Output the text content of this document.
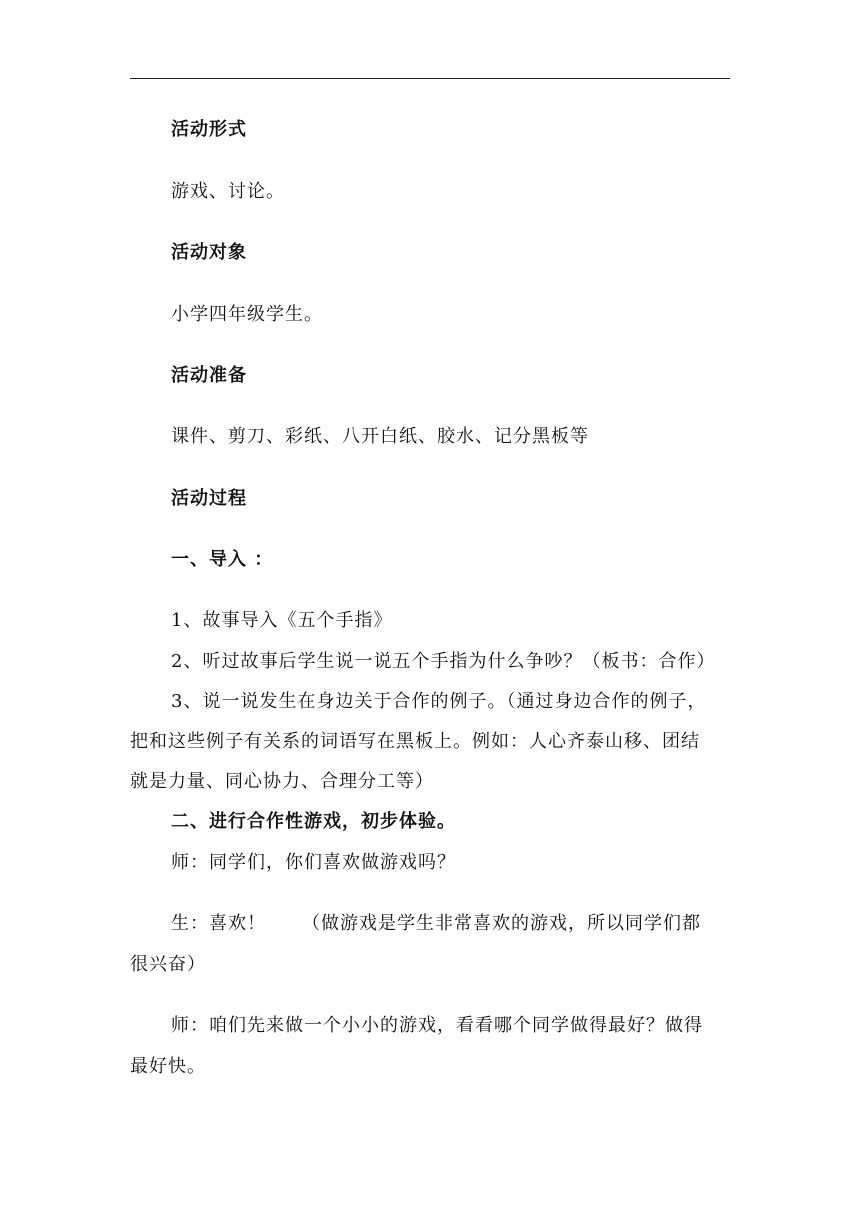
活动形式
游戏、讨论。
活动对象
小学四年级学生。
活动准备
课件、剪刀、彩纸、八开白纸、胶水、记分黑板等
活动过程
一、导入 ：
1、故事导入《五个手指》
2、听过故事后学生说一说五个手指为什么争吵？（板书：合作）
3、说一说发生在身边关于合作的例子。（通过身边合作的例子，
把和这些例子有关系的词语写在黑板上。例如：人心齐泰山移、团结
就是力量、同心协力、合理分工等）
二、进行合作性游戏，初步体验。
师：同学们，你们喜欢做游戏吗？
生：喜欢！ （做游戏是学生非常喜欢的游戏，所以同学们都
很兴奋）
师：咱们先来做一个小小的游戏，看看哪个同学做得最好？做得
最好快。
